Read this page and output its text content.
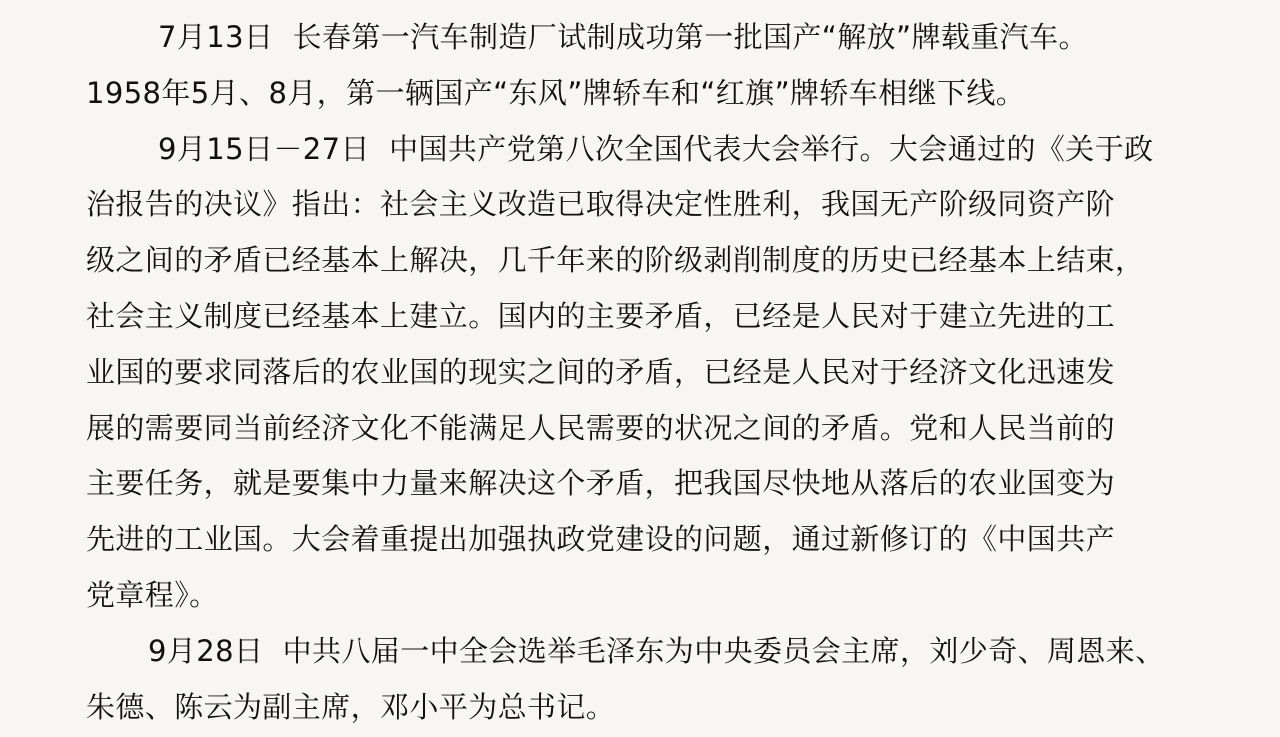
7月13日 长春第一汽车制造厂试制成功第一批国产“解放”牌载重汽车。
1958年5月、8月，第一辆国产“东风”牌轿车和“红旗”牌轿车相继下线。
9月15日－27日 中国共产党第八次全国代表大会举行。大会通过的《关于政
治报告的决议》指出：社会主义改造已取得决定性胜利，我国无产阶级同资产阶
级之间的矛盾已经基本上解决，几千年来的阶级剥削制度的历史已经基本上结束，
社会主义制度已经基本上建立。国内的主要矛盾，已经是人民对于建立先进的工
业国的要求同落后的农业国的现实之间的矛盾，已经是人民对于经济文化迅速发
展的需要同当前经济文化不能满足人民需要的状况之间的矛盾。党和人民当前的
主要任务，就是要集中力量来解决这个矛盾，把我国尽快地从落后的农业国变为
先进的工业国。大会着重提出加强执政党建设的问题，通过新修订的《中国共产
党章程》。
9月28日 中共八届一中全会选举毛泽东为中央委员会主席，刘少奇、周恩来、
朱德、陈云为副主席，邓小平为总书记。
